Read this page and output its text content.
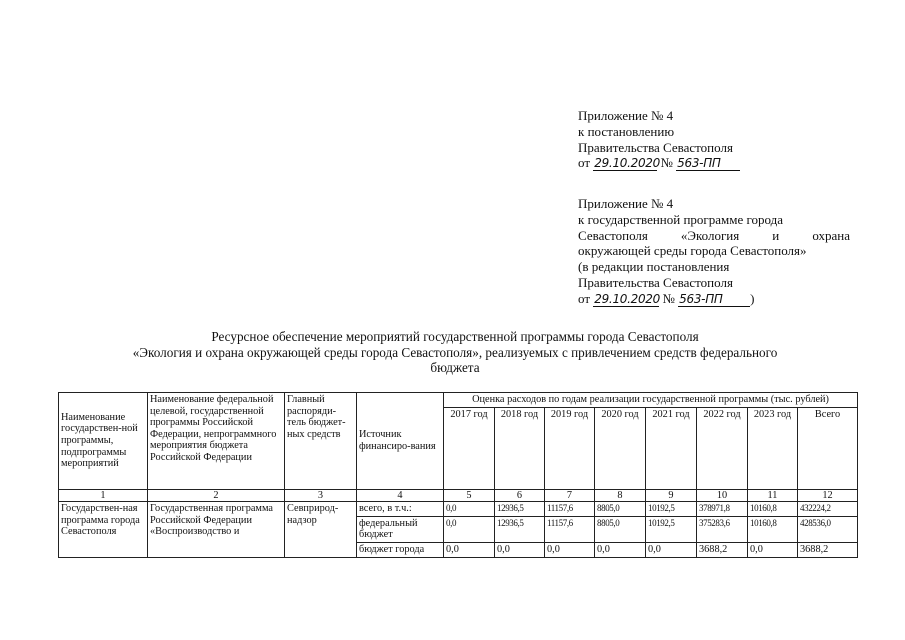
Приложение № 4
к постановлению
Правительства Севастополя
от 29.10.2020 № 563-ПП
Приложение № 4
к государственной программе города
Севастополя	«Экология	и	охрана
окружающей среды города Севастополя»
(в редакции постановления
Правительства Севастополя
от 29.10.2020 № 563-ПП )
Ресурсное обеспечение мероприятий государственной программы города Севастополя
«Экология и охрана окружающей среды города Севастополя», реализуемых с привлечением средств федерального
бюджета
Наименование государствен-ной программы, подпрограммы мероприятий	Наименование федеральной целевой, государственной программы Российской Федерации, непрограммного мероприятия бюджета Российской Федерации	Главный распоряди-тель бюджет-ных средств	Источник финансиро-вания	Оценка расходов по годам реализации государственной программы (тыс. рублей)							
				2017 год	2018 год	2019 год	2020 год	2021 год	2022 год	2023 год	Всего
1	2	3	4	5	6	7	8	9	10	11	12
Государствен-ная программа города Севастополя	Государственная программа Российской Федерации «Воспроизводство и	Севприрод-надзор	всего, в т.ч.:	0,0	12936,5	11157,6	8805,0	10192,5	378971,8	10160,8	432224,2
			федеральный бюджет	0,0	12936,5	11157,6	8805,0	10192,5	375283,6	10160,8	428536,0
			бюджет города	0,0	0,0	0,0	0,0	0,0	3688,2	0,0	3688,2
